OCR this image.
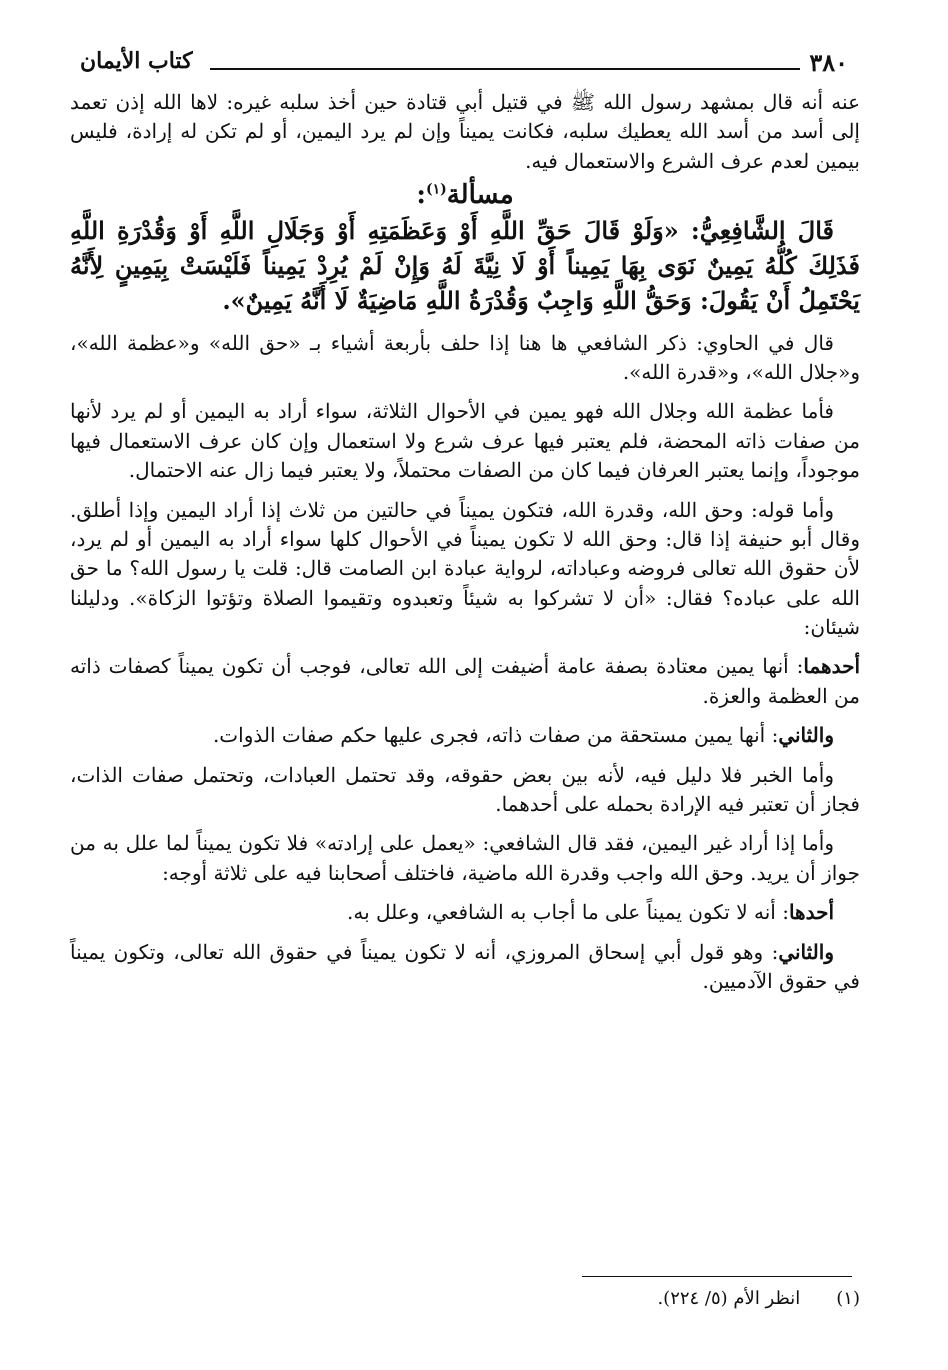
٣٨٠
كتاب الأيمان

عنه أنه قال بمشهد رسول الله ﷺ في قتيل أبي قتادة حين أخذ سلبه غيره: لاها الله إذن تعمد إلى أسد من أسد الله يعطيك سلبه، فكانت يميناً وإن لم يرد اليمين، أو لم تكن له إرادة، فليس بيمين لعدم عرف الشرع والاستعمال فيه.

مسألة$^{(١)}$:

قَالَ الشَّافِعِيُّ: «وَلَوْ قَالَ حَقِّ اللَّهِ أَوْ وَعَظَمَتِهِ أَوْ وَجَلَالِ اللَّهِ أَوْ وَقُدْرَةِ اللَّهِ فَذَلِكَ كُلُّهُ يَمِينٌ نَوَى بِهَا يَمِيناً أَوْ لَا نِيَّةَ لَهُ وَإِنْ لَمْ يُرِدْ يَمِيناً فَلَيْسَتْ بِيَمِينٍ لِأَنَّهُ يَحْتَمِلُ أَنْ يَقُولَ: وَحَقُّ اللَّهِ وَاجِبٌ وَقُدْرَةُ اللَّهِ مَاضِيَةٌ لَا أَنَّهُ يَمِينٌ».

قال في الحاوي: ذكر الشافعي ها هنا إذا حلف بأربعة أشياء بـ «حق الله» و«عظمة الله»، و«جلال الله»، و«قدرة الله».

فأما عظمة الله وجلال الله فهو يمين في الأحوال الثلاثة، سواء أراد به اليمين أو لم يرد لأنها من صفات ذاته المحضة، فلم يعتبر فيها عرف شرع ولا استعمال وإن كان عرف الاستعمال فيها موجوداً، وإنما يعتبر العرفان فيما كان من الصفات محتملاً، ولا يعتبر فيما زال عنه الاحتمال.

وأما قوله: وحق الله، وقدرة الله، فتكون يميناً في حالتين من ثلاث إذا أراد اليمين وإذا أطلق. وقال أبو حنيفة إذا قال: وحق الله لا تكون يميناً في الأحوال كلها سواء أراد به اليمين أو لم يرد، لأن حقوق الله تعالى فروضه وعباداته، لرواية عبادة ابن الصامت قال: قلت يا رسول الله؟ ما حق الله على عباده؟ فقال: «أن لا تشركوا به شيئاً وتعبدوه وتقيموا الصلاة وتؤتوا الزكاة». ودليلنا شيئان:

أحدهما: أنها يمين معتادة بصفة عامة أضيفت إلى الله تعالى، فوجب أن تكون يميناً كصفات ذاته من العظمة والعزة.

والثاني: أنها يمين مستحقة من صفات ذاته، فجرى عليها حكم صفات الذوات.

وأما الخبر فلا دليل فيه، لأنه بين بعض حقوقه، وقد تحتمل العبادات، وتحتمل صفات الذات، فجاز أن تعتبر فيه الإرادة بحمله على أحدهما.

وأما إذا أراد غير اليمين، فقد قال الشافعي: «يعمل على إرادته» فلا تكون يميناً لما علل به من جواز أن يريد. وحق الله واجب وقدرة الله ماضية، فاختلف أصحابنا فيه على ثلاثة أوجه:

أحدها: أنه لا تكون يميناً على ما أجاب به الشافعي، وعلل به.

والثاني: وهو قول أبي إسحاق المروزي، أنه لا تكون يميناً في حقوق الله تعالى، وتكون يميناً في حقوق الآدميين.

(١)انظر الأم (٥/ ٢٢٤).
